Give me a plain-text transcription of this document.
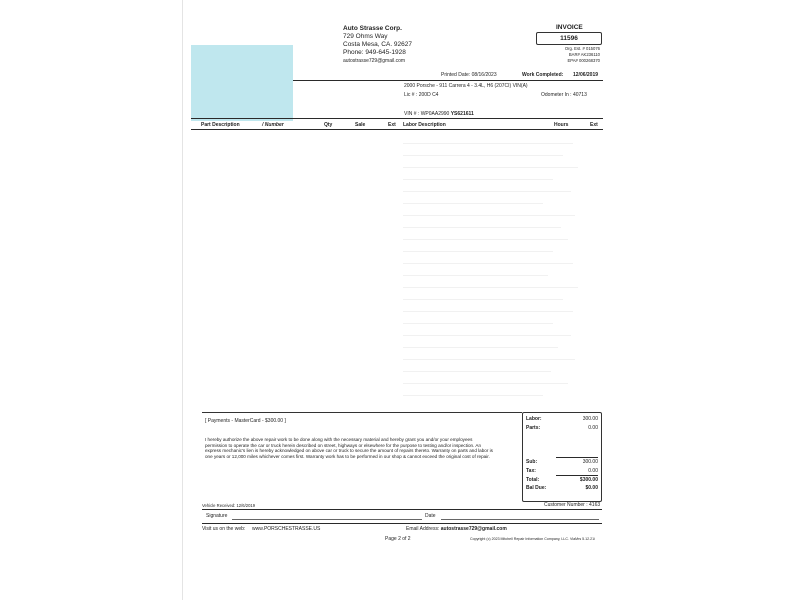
Auto Strasse Corp.
729 Ohms Way
Costa Mesa, CA. 92627
Phone: 949-645-1928
autostrasse729@gmail.com
INVOICE
11596
Org. Est. # 015076
BAR# AK236110
EPA# 000268370
Printed Date: 08/16/2023	Work Completed: 12/06/2019
2000 Porsche - 911 Carrera 4 - 3.4L, H6 (207CI) VIN(A)
Lic # : 200D C4	Odometer In : 40713
VIN # : WP0AA2990 YS621611
Part Description	/ Number	Qty	Sale	Ext Labor Description	Hours	Ext
[ Payments - MasterCard - $300.00 ]
I hereby authorize the above repair work to be done along with the necessary material and hereby grant you and/or your employees permission to operate the car or truck herein described on street, highways or elsewhere for the purpose to testing and/or inspection. An express mechanic's lien is hereby acknowledged on above car or truck to secure the amount of repairs thereto. Warranty on parts and labor is one years or 12,000 miles whichever comes first. Warranty work has to be performed in our shop & cannot exceed the original cost of repair.
Labor:	300.00
Parts:	0.00
Sub:	300.00
Tax:	0.00
Total:	$300.00
Bal Due:	$0.00
Vehicle Received: 12/6/2019	Customer Number : 4163
Signature	Date
Visit us on the web: www.PORSCHESTRASSE.US	Email Address: autostrasse729@gmail.com
Page 2 of 2	Copyright (c) 2023 Mitchell Repair Information Company, LLC. ViaMrs 5.12.21i
